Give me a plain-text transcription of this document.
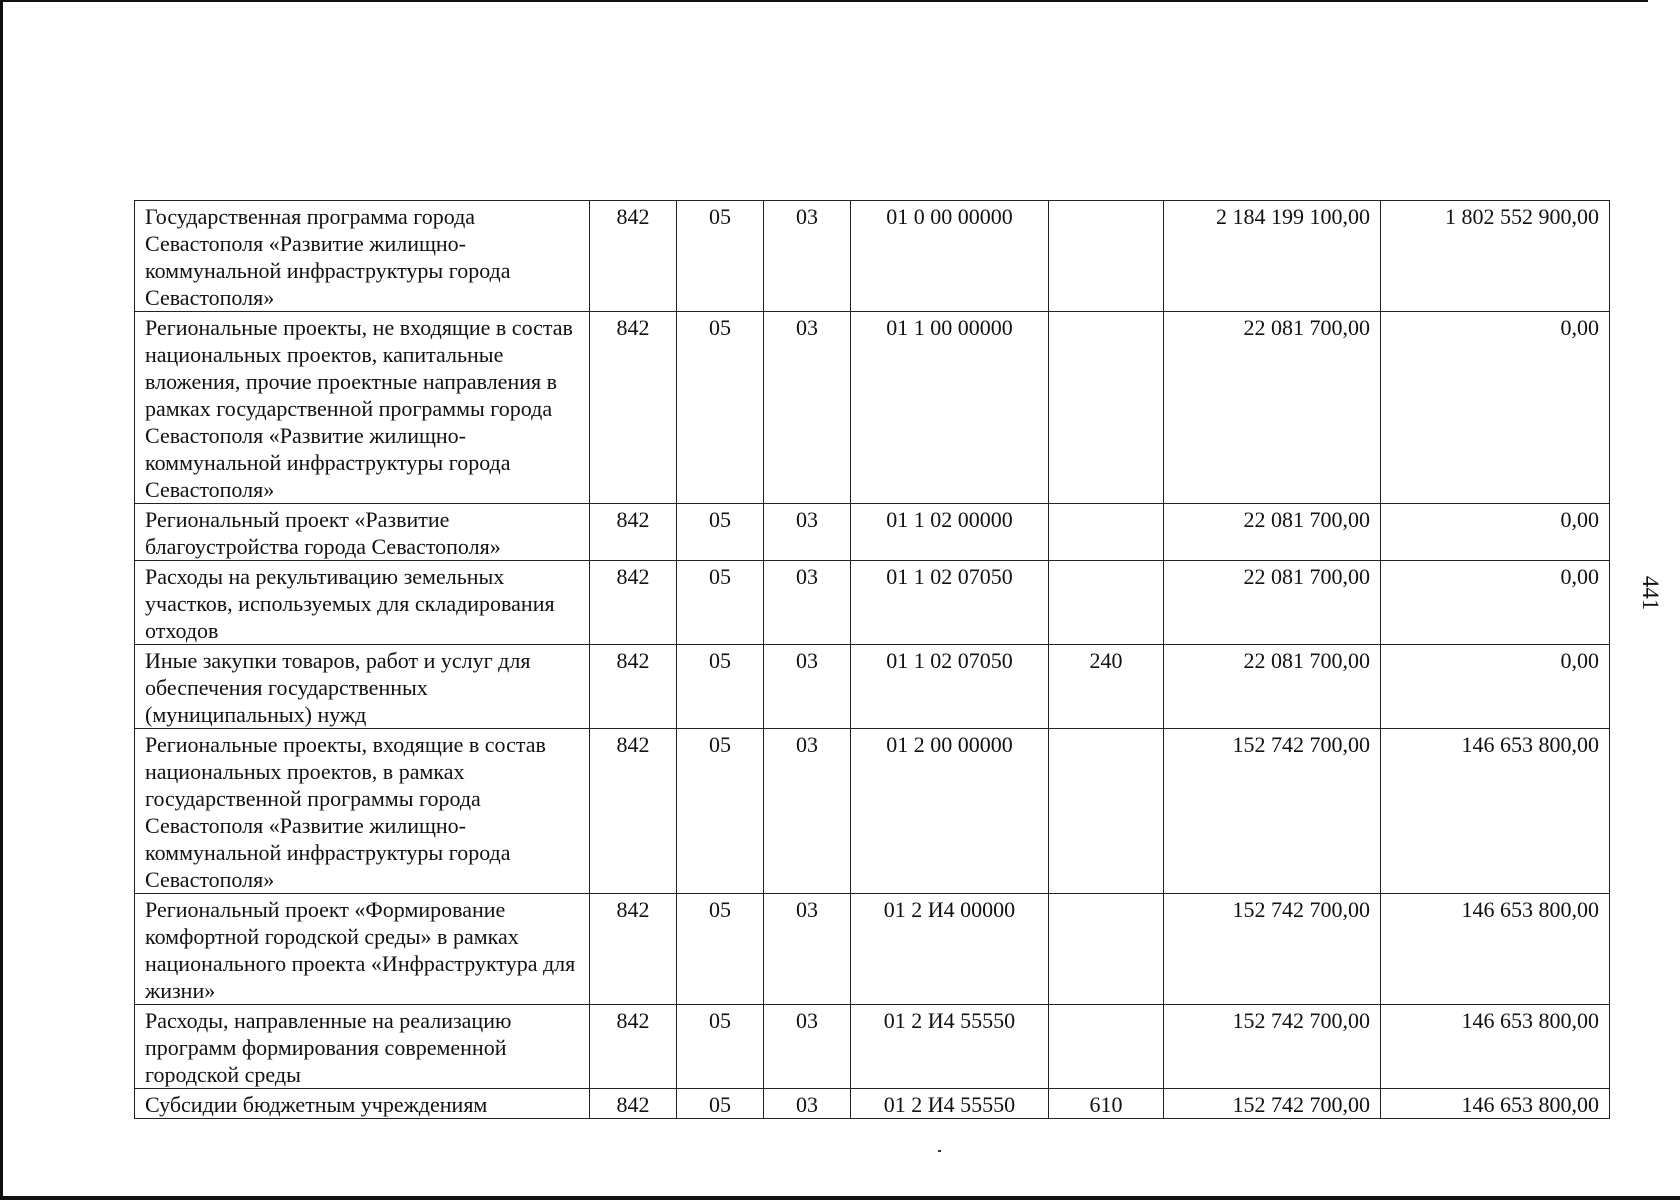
441
Государственная программа города Севастополя «Развитие жилищно-коммунальной инфраструктуры города Севастополя»	842	05	03	01 0 00 00000		2 184 199 100,00	1 802 552 900,00
Региональные проекты, не входящие в состав национальных проектов, капитальные вложения, прочие проектные направления в рамках государственной программы города Севастополя «Развитие жилищно-коммунальной инфраструктуры города Севастополя»	842	05	03	01 1 00 00000		22 081 700,00	0,00
Региональный проект «Развитие благоустройства города Севастополя»	842	05	03	01 1 02 00000		22 081 700,00	0,00
Расходы на рекультивацию земельных участков, используемых для складирования отходов	842	05	03	01 1 02 07050		22 081 700,00	0,00
Иные закупки товаров, работ и услуг для обеспечения государственных (муниципальных) нужд	842	05	03	01 1 02 07050	240	22 081 700,00	0,00
Региональные проекты, входящие в состав национальных проектов, в рамках государственной программы города Севастополя «Развитие жилищно-коммунальной инфраструктуры города Севастополя»	842	05	03	01 2 00 00000		152 742 700,00	146 653 800,00
Региональный проект «Формирование комфортной городской среды» в рамках национального проекта «Инфраструктура для жизни»	842	05	03	01 2 И4 00000		152 742 700,00	146 653 800,00
Расходы, направленные на реализацию программ формирования современной городской среды	842	05	03	01 2 И4 55550		152 742 700,00	146 653 800,00
Субсидии бюджетным учреждениям	842	05	03	01 2 И4 55550	610	152 742 700,00	146 653 800,00
